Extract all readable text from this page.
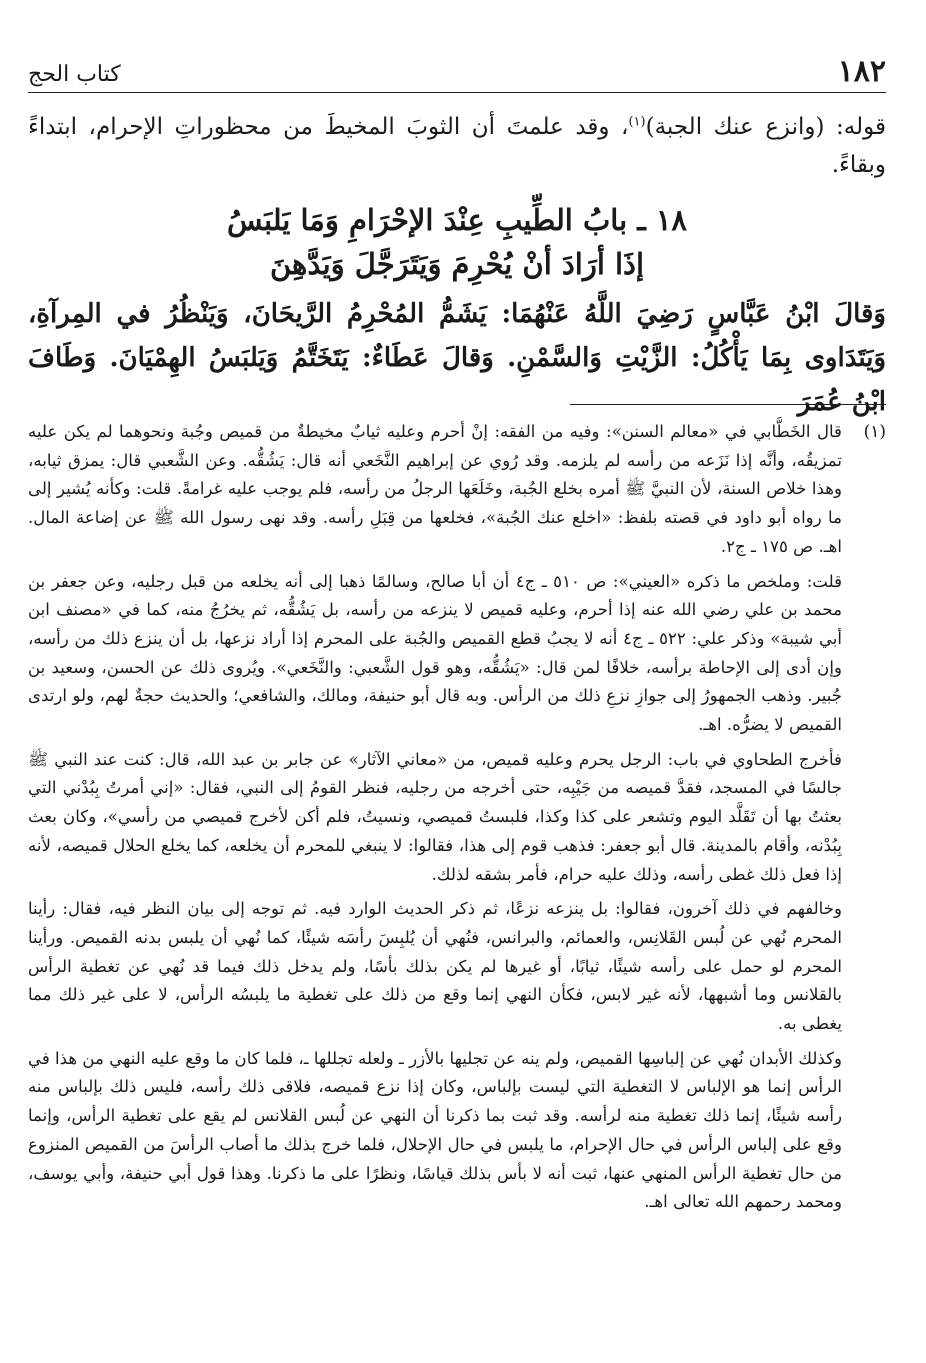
١٨٢
كتاب الحج

قوله: (وانزع عنك الجبة)$^{(١)}$، وقد علمتَ أن الثوبَ المخيطَ من محظوراتِ الإحرام، ابتداءً وبقاءً.

١٨ ـ بابُ الطِّيبِ عِنْدَ الإحْرَامِ وَمَا يَلبَسُ
إذَا أرَادَ أنْ يُحْرِمَ وَيَتَرَجَّلَ وَيَدَّهِنَ

وَقالَ ابْنُ عَبَّاسٍ رَضِيَ اللَّهُ عَنْهُمَا: يَشَمُّ المُحْرِمُ الرَّيحَانَ، وَيَنْظُرُ في المِرآةِ، وَيَتَدَاوى بِمَا يَأْكُلُ: الزَّيْتِ وَالسَّمْنِ. وَقالَ عَطَاءٌ: يَتَخَتَّمُ وَيَلبَسُ الهِمْيَانَ. وَطَافَ ابْنُ عُمَرَ

(١)

قال الخَطَّابي في «معالم السنن»: وفيه من الفقه: إنْ أحرم وعليه ثيابٌ مخيطةٌ من قميص وجُبة ونحوهما لم يكن عليه تمزيقُه، وأنَّه إذا نَزَعه من رأسه لم يلزمه. وقد رُوي عن إبراهيم النَّخَعي أنه قال: يَشُقُّه. وعن الشَّعبي قال: يمزق ثيابه، وهذا خلاص السنة، لأن النبيَّ ﷺ أمره بخلع الجُبة، وخَلَعَها الرجلُ من رأسه، فلم يوجب عليه غرامةً. قلت: وكأنه يُشير إلى ما رواه أبو داود في قصته بلفظ: «اخلع عنك الجُبة»، فخلعها من قِبَلِ رأسه. وقد نهى رسول الله ﷺ عن إضاعة المال. اهـ. ص ١٧٥ ـ ج٢.

قلت: وملخص ما ذكره «العيني»: ص ٥١٠ ـ ج٤ أن أبا صالح، وسالمًا ذهبا إلى أنه يخلعه من قبل رجليه، وعن جعفر بن محمد بن علي رضي الله عنه إذا أحرم، وعليه قميص لا ينزعه من رأسه، بل يَشُقُّه، ثم يخرُجُ منه، كما في «مصنف ابن أبي شيبة» وذكر علي: ٥٢٢ ـ ج٤ أنه لا يجبُ قطع القميص والجُبة على المحرم إذا أراد نزعها، بل أن ينزع ذلك من رأسه، وإن أدى إلى الإحاطة برأسه، خلافًا لمن قال: «يَشُقُّه، وهو قول الشَّعبي: والنَّخَعي». ويُروى ذلك عن الحسن، وسعيد بن جُبير. وذهب الجمهورُ إلى جوازِ نزعِ ذلك من الرأس. وبه قال أبو حنيفة، ومالك، والشافعي؛ والحديث حجةٌ لهم، ولو ارتدى القميص لا يضرُّه. اهـ.

فأخرج الطحاوي في باب: الرجل يحرم وعليه قميص، من «معاني الآثار» عن جابر بن عبد الله، قال: كنت عند النبي ﷺ جالسًا في المسجد، فقدَّ قميصه من جَيْبِه، حتى أخرجه من رجليه، فنظر القومُ إلى النبي، فقال: «إني أمرتُ بِبُدْني التي بعثتُ بها أن تَقَلَّد اليوم وتشعر على كذا وكذا، فلبستُ قميصي، ونسيتُ، فلم أكن لأخرج قميصي من رأسي»، وكان بعث بِبُدْنه، وأقام بالمدينة. قال أبو جعفر: فذهب قوم إلى هذا، فقالوا: لا ينبغي للمحرم أن يخلعه، كما يخلع الحلال قميصه، لأنه إذا فعل ذلك غطى رأسه، وذلك عليه حرام، فأمر بشقه لذلك.

وخالفهم في ذلك آخرون، فقالوا: بل ينزعه نزعًا، ثم ذكر الحديث الوارد فيه. ثم توجه إلى بيان النظر فيه، فقال: رأينا المحرم نُهي عن لُبس القَلانِس، والعمائم، والبرانس، فنُهي أن يُلبِسَ رأسَه شيئًا، كما نُهي أن يلبس بدنه القميص. ورأينا المحرم لو حمل على رأسه شيئًا، ثيابًا، أو غيرها لم يكن بذلك بأسًا، ولم يدخل ذلك فيما قد نُهي عن تغطية الرأس بالقلانس وما أشبهها، لأنه غير لابس، فكأن النهي إنما وقع من ذلك على تغطية ما يلبسُه الرأس، لا على غير ذلك مما يغطى به.

وكذلك الأبدان نُهي عن إلباسِها القميص، ولم ينه عن تجليها بالأزر ـ ولعله تجللها ـ، فلما كان ما وقع عليه النهي من هذا في الرأس إنما هو الإلباس لا التغطية التي ليست بإلباس، وكان إذا نزع قميصه، فلاقى ذلك رأسه، فليس ذلك بإلباس منه رأسه شيئًا، إنما ذلك تغطية منه لرأسه. وقد ثبت بما ذكرنا أن النهي عن لُبس القلانس لم يقع على تغطية الرأس، وإنما وقع على إلباس الرأس في حال الإحرام، ما يلبس في حال الإحلال، فلما خرج بذلك ما أصاب الرأسَ من القميص المنزوع من حال تغطية الرأس المنهي عنها، ثبت أنه لا بأس بذلك قياسًا، ونظرًا على ما ذكرنا. وهذا قول أبي حنيفة، وأبي يوسف، ومحمد رحمهم الله تعالى اهـ.
